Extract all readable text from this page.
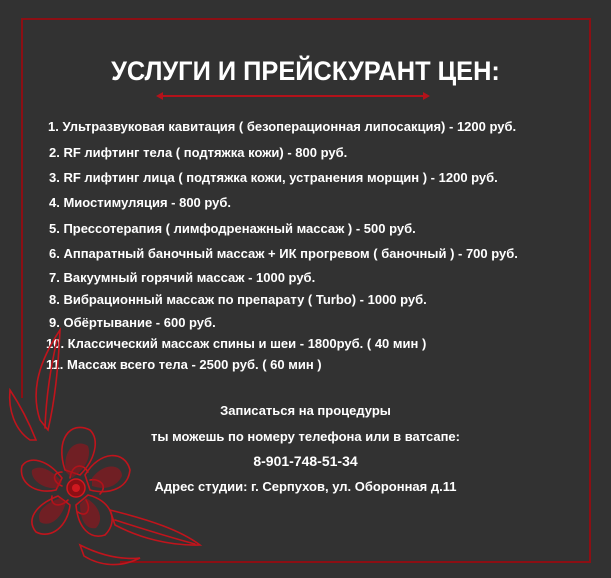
УСЛУГИ И ПРЕЙСКУРАНТ ЦЕН:
1. Ультразвуковая кавитация ( безоперационная липосакция) - 1200 руб.
2. RF лифтинг тела ( подтяжка кожи) - 800 руб.
3. RF лифтинг лица ( подтяжка кожи, устранения морщин ) - 1200 руб.
4. Миостимуляция - 800 руб.
5. Прессотерапия ( лимфодренажный массаж ) - 500 руб.
6. Аппаратный баночный массаж + ИК прогревом ( баночный ) - 700 руб.
7. Вакуумный горячий массаж - 1000 руб.
8. Вибрационный массаж по препарату ( Turbo) - 1000 руб.
9. Обёртывание - 600 руб.
10. Классический массаж спины и шеи - 1800руб. ( 40 мин )
11. Массаж всего тела - 2500 руб. ( 60 мин )
Записаться на процедуры
ты можешь по номеру телефона или в ватсапе:
8-901-748-51-34
Адрес студии: г. Серпухов, ул. Оборонная д.11
